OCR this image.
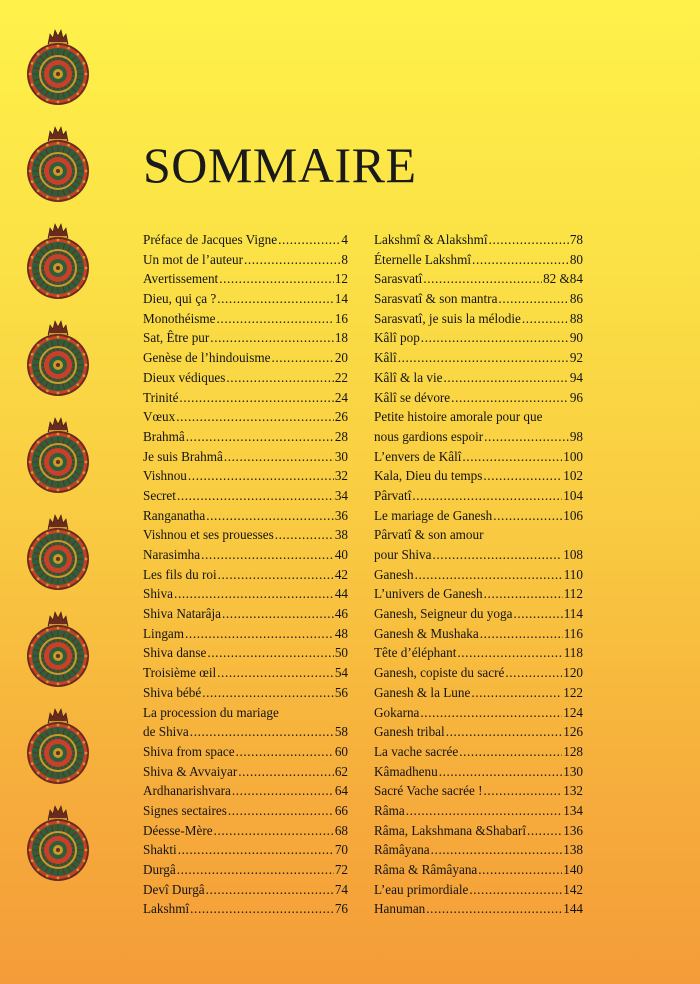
SOMMAIRE
Préface de Jacques Vigne .....	4
Un mot de l’auteur .....	8
Avertissement .....	12
Dieu, qui ça ? .....	14
Monothéisme .....	16
Sat, Être pur .....	18
Genèse de l’hindouisme .....	20
Dieux védiques .....	22
Trinité .....	24
Vœux .....	26
Brahmâ .....	28
Je suis Brahmâ .....	30
Vishnou .....	32
Secret .....	34
Ranganatha .....	36
Vishnou et ses prouesses .....	38
Narasimha .....	40
Les fils du roi .....	42
Shiva .....	44
Shiva Natarâja .....	46
Lingam .....	48
Shiva danse .....	50
Troisième œil .....	54
Shiva bébé .....	56
La procession du mariage
de Shiva .....	58
Shiva from space .....	60
Shiva & Avvaiyar .....	62
Ardhanarishvara .....	64
Signes sectaires .....	66
Déesse-Mère .....	68
Shakti .....	70
Durgâ .....	72
Devî Durgâ .....	74
Lakshmî .....	76
Lakshmî & Alakshmî .....	78
Éternelle Lakshmî .....	80
Sarasvatî .....	82 &84
Sarasvatî & son mantra .....	86
Sarasvatî, je suis la mélodie .....	88
Kâlî pop .....	90
Kâlî .....	92
Kâlî & la vie .....	94
Kâlî se dévore .....	96
Petite histoire amorale pour que
nous gardions espoir .....	98
L’envers de Kâlî .....	100
Kala, Dieu du temps .....	102
Pârvatî .....	104
Le mariage de Ganesh .....	106
Pârvatî & son amour
pour Shiva .....	108
Ganesh .....	110
L’univers de Ganesh .....	112
Ganesh, Seigneur du yoga .....	114
Ganesh & Mushaka .....	116
Tête d’éléphant .....	118
Ganesh, copiste du sacré .....	120
Ganesh & la Lune .....	122
Gokarna .....	124
Ganesh tribal .....	126
La vache sacrée .....	128
Kâmadhenu .....	130
Sacré Vache sacrée ! .....	132
Râma .....	134
Râma, Lakshmana &Shabarî .....	136
Râmâyana .....	138
Râma & Râmâyana .....	140
L’eau primordiale .....	142
Hanuman .....	144
